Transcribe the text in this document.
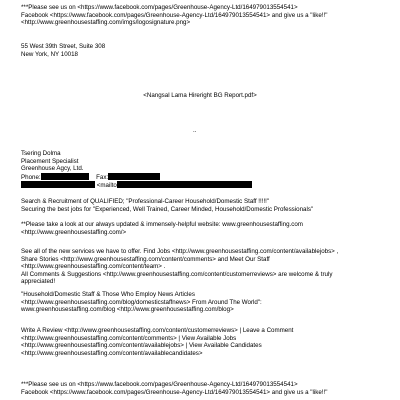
***Please see us on <https://www.facebook.com/pages/Greenhouse-Agency-Ltd/164979013554541>
Facebook <https://www.facebook.com/pages/Greenhouse-Agency-Ltd/164979013554541> and give us a "like!!"
<http://www.greenhousestaffing.com/imgs/logosignature.png>
55 West 39th Street, Suite 308
New York, NY 10018
<Nangsal Lama Hireright BG Report.pdf>
..
Tsering Dolma
Placement Specialist
Greenhouse Agcy, Ltd.
Phone:	Fax:
<mailto
Search & Recruitment of QUALIFIED; "Professional-Career Household/Domestic Staff !!!!!"
Securing the best jobs for "Experienced, Well Trained, Career Minded, Household/Domestic Professionals"
**Please take a look at our always updated & immensely-helpful website: www.greenhousestaffing.com
<http://www.greenhousestaffing.com/>
See all of the new services we have to offer. Find Jobs <http://www.greenhousestaffing.com/content/availablejobs> ,
Share Stories <http://www.greenhousestaffing.com/content/comments> and Meet Our Staff
<http://www.greenhousestaffing.com/content/team> .
All Comments & Suggestions <http://www.greenhousestaffing.com/content/customerreviews> are welcome & truly
appreciated!
"Household/Domestic Staff & Those Who Employ News Articles
<http://www.greenhousestaffing.com/blog/domesticstaffnews> From Around The World":
www.greenhousestaffing.com/blog <http://www.greenhousestaffing.com/blog>
Write A Review <http://www.greenhousestaffing.com/content/customerreviews> | Leave a Comment
<http://www.greenhousestaffing.com/content/comments> | View Available Jobs
<http://www.greenhousestaffing.com/content/availablejobs> | View Available Candidates
<http://www.greenhousestaffing.com/content/availablecandidates>
***Please see us on <https://www.facebook.com/pages/Greenhouse-Agency-Ltd/164979013554541>
Facebook <https://www.facebook.com/pages/Greenhouse-Agency-Ltd/164979013554541> and give us a "like!!"
